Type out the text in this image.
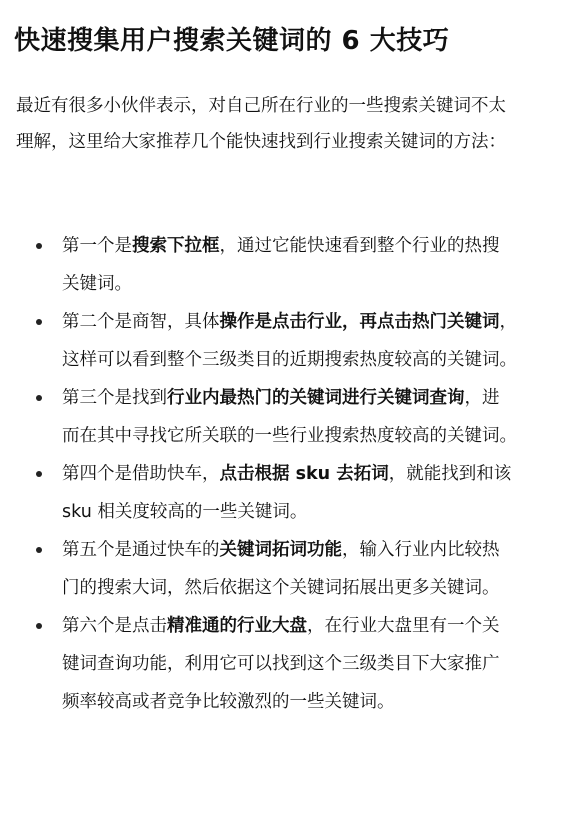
快速搜集用户搜索关键词的 6 大技巧

最近有很多小伙伴表示，对自己所在行业的一些搜索关键词不太

理解，这里给大家推荐几个能快速找到行业搜索关键词的方法：

第一个是搜索下拉框，通过它能快速看到整个行业的热搜
关键词。
第二个是商智，具体操作是点击行业，再点击热门关键词，
这样可以看到整个三级类目的近期搜索热度较高的关键词。
第三个是找到行业内最热门的关键词进行关键词查询，进
而在其中寻找它所关联的一些行业搜索热度较高的关键词。
第四个是借助快车，点击根据 sku 去拓词，就能找到和该
sku 相关度较高的一些关键词。
第五个是通过快车的关键词拓词功能，输入行业内比较热
门的搜索大词，然后依据这个关键词拓展出更多关键词。
第六个是点击精准通的行业大盘，在行业大盘里有一个关
键词查询功能，利用它可以找到这个三级类目下大家推广
频率较高或者竞争比较激烈的一些关键词。
